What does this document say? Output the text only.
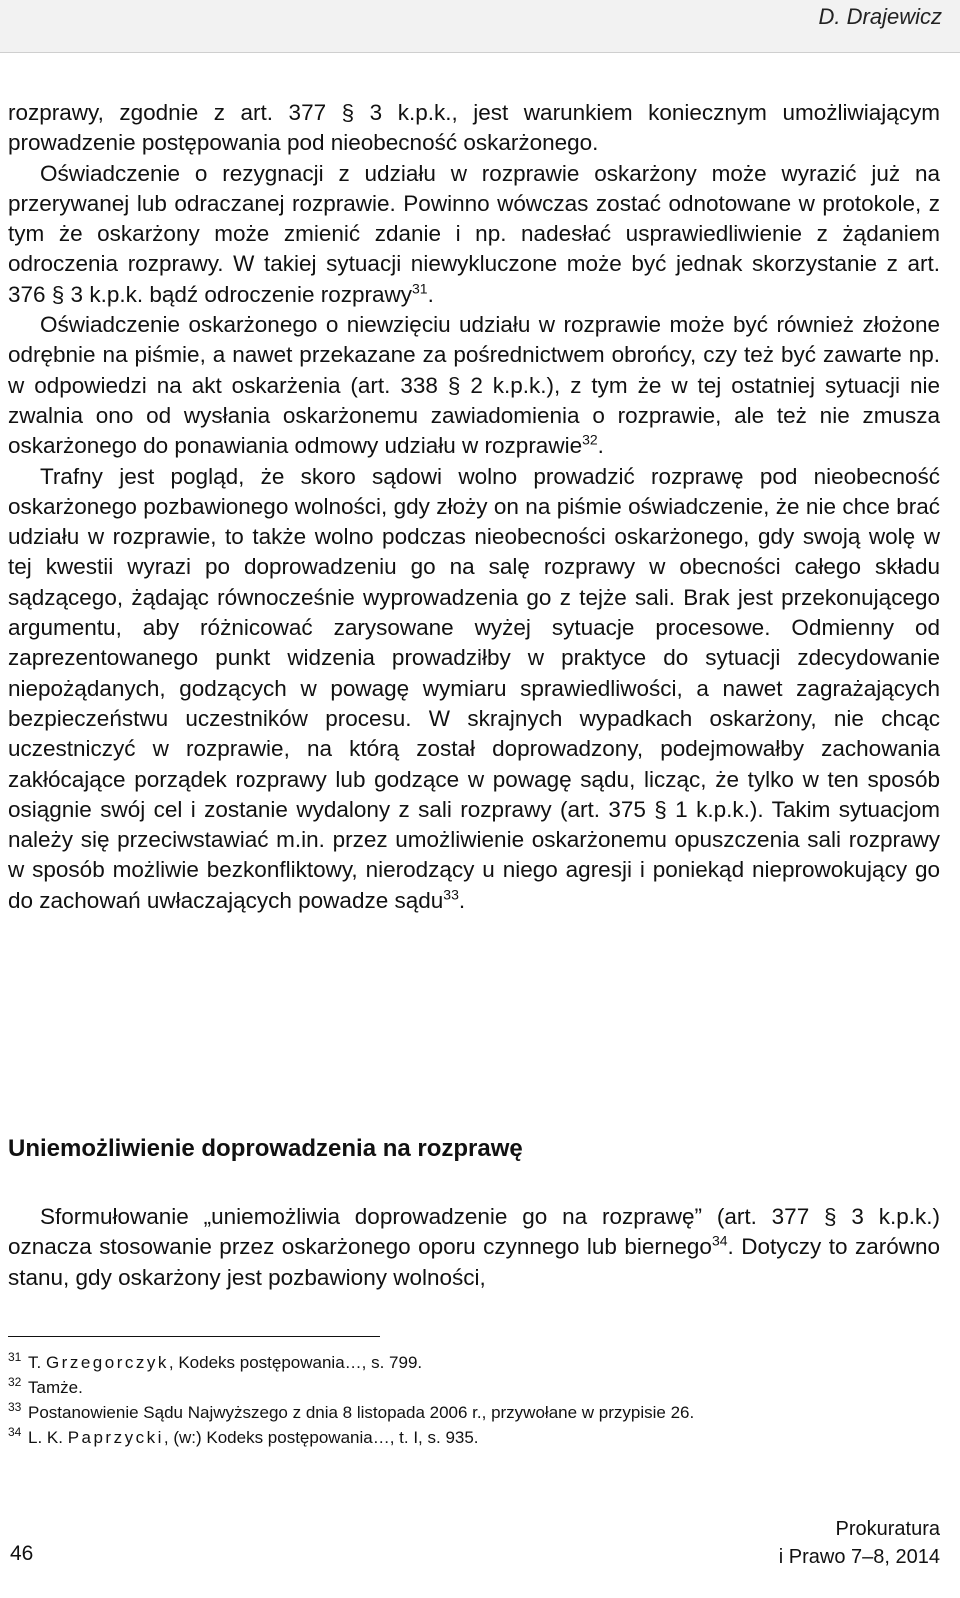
D. Drajewicz

rozprawy, zgodnie z art. 377 § 3 k.p.k., jest warunkiem koniecznym umożliwiającym prowadzenie postępowania pod nieobecność oskarżonego.

Oświadczenie o rezygnacji z udziału w rozprawie oskarżony może wyrazić już na przerywanej lub odraczanej rozprawie. Powinno wówczas zostać odnotowane w protokole, z tym że oskarżony może zmienić zdanie i np. nadesłać usprawiedliwienie z żądaniem odroczenia rozprawy. W takiej sytuacji niewykluczone może być jednak skorzystanie z art. 376 § 3 k.p.k. bądź odroczenie rozprawy$^{31}$.

Oświadczenie oskarżonego o niewzięciu udziału w rozprawie może być również złożone odrębnie na piśmie, a nawet przekazane za pośrednictwem obrońcy, czy też być zawarte np. w odpowiedzi na akt oskarżenia (art. 338 § 2 k.p.k.), z tym że w tej ostatniej sytuacji nie zwalnia ono od wysłania oskarżonemu zawiadomienia o rozprawie, ale też nie zmusza oskarżonego do ponawiania odmowy udziału w rozprawie$^{32}$.

Trafny jest pogląd, że skoro sądowi wolno prowadzić rozprawę pod nieobecność oskarżonego pozbawionego wolności, gdy złoży on na piśmie oświadczenie, że nie chce brać udziału w rozprawie, to także wolno podczas nieobecności oskarżonego, gdy swoją wolę w tej kwestii wyrazi po doprowadzeniu go na salę rozprawy w obecności całego składu sądzącego, żądając równocześnie wyprowadzenia go z tejże sali. Brak jest przekonującego argumentu, aby różnicować zarysowane wyżej sytuacje procesowe. Odmienny od zaprezentowanego punkt widzenia prowadziłby w praktyce do sytuacji zdecydowanie niepożądanych, godzących w powagę wymiaru sprawiedliwości, a nawet zagrażających bezpieczeństwu uczestników procesu. W skrajnych wypadkach oskarżony, nie chcąc uczestniczyć w rozprawie, na którą został doprowadzony, podejmowałby zachowania zakłócające porządek rozprawy lub godzące w powagę sądu, licząc, że tylko w ten sposób osiągnie swój cel i zostanie wydalony z sali rozprawy (art. 375 § 1 k.p.k.). Takim sytuacjom należy się przeciwstawiać m.in. przez umożliwienie oskarżonemu opuszczenia sali rozprawy w sposób możliwie bezkonfliktowy, nierodzący u niego agresji i poniekąd nieprowokujący go do zachowań uwłaczających powadze sądu$^{33}$.

Uniemożliwienie doprowadzenia na rozprawę

Sformułowanie „uniemożliwia doprowadzenie go na rozprawę” (art. 377 § 3 k.p.k.) oznacza stosowanie przez oskarżonego oporu czynnego lub biernego$^{34}$. Dotyczy to zarówno stanu, gdy oskarżony jest pozbawiony wolności,

31 T. Grzegorczyk, Kodeks postępowania…, s. 799.

32 Tamże.

33 Postanowienie Sądu Najwyższego z dnia 8 listopada 2006 r., przywołane w przypisie 26.

34 L. K. Paprzycki, (w:) Kodeks postępowania…, t. I, s. 935.

46
Prokuratura
i Prawo 7–8, 2014
